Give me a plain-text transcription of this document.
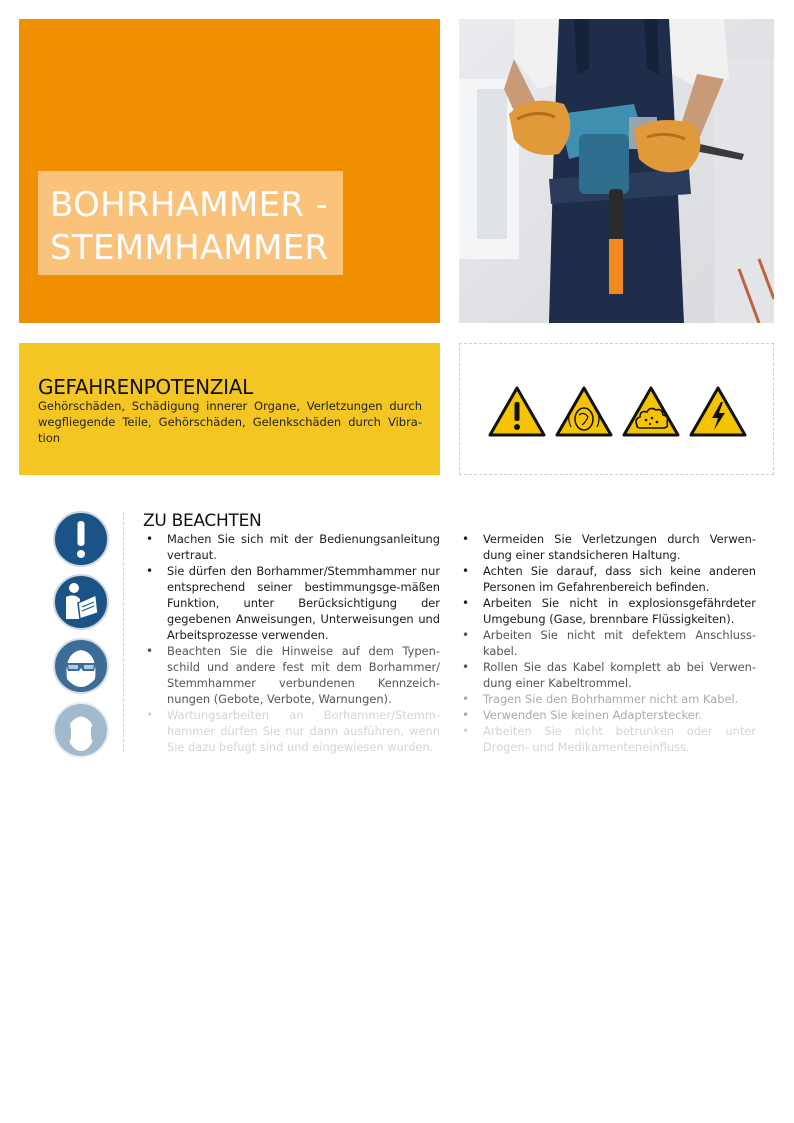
BOHRHAMMER -
STEMMHAMMER
GEFAHRENPOTENZIAL
Gehörschäden, Schädigung innerer Organe, Verletzungen durch wegfliegende Teile, Gehörschäden, Gelenkschäden durch Vibration
ZU BEACHTEN
• Machen Sie sich mit der Bedienungsanleitung vertraut.
• Sie dürfen den Borhammer/Stemmhammer nur entsprechend seiner bestimmungsge-mäßen Funktion, unter Berücksichtigung der gegebenen Anweisungen, Unterweisungen und Arbeitsprozesse verwenden.
• Beachten Sie die Hinweise auf dem Typen-schild und andere fest mit dem Borhammer/ Stemmhammer verbundenen Kennzeich-nungen (Gebote, Verbote, Warnungen).
• Wartungsarbeiten an Borhammer/Stemm-hammer dürfen Sie nur dann ausführen, wenn Sie dazu befugt sind und eingewiesen wurden.
• Vermeiden Sie Verletzungen durch Verwen-dung einer standsicheren Haltung.
• Achten Sie darauf, dass sich keine anderen Personen im Gefahrenbereich befinden.
• Arbeiten Sie nicht in explosionsgefährdeter Umgebung (Gase, brennbare Flüssigkeiten).
• Arbeiten Sie nicht mit defektem Anschluss-kabel.
• Rollen Sie das Kabel komplett ab bei Verwen-dung einer Kabeltrommel.
• Tragen Sie den Bohrhammer nicht am Kabel.
• Verwenden Sie keinen Adapterstecker.
• Arbeiten Sie nicht betrunken oder unter Drogen- und Medikamenteneinfluss.
